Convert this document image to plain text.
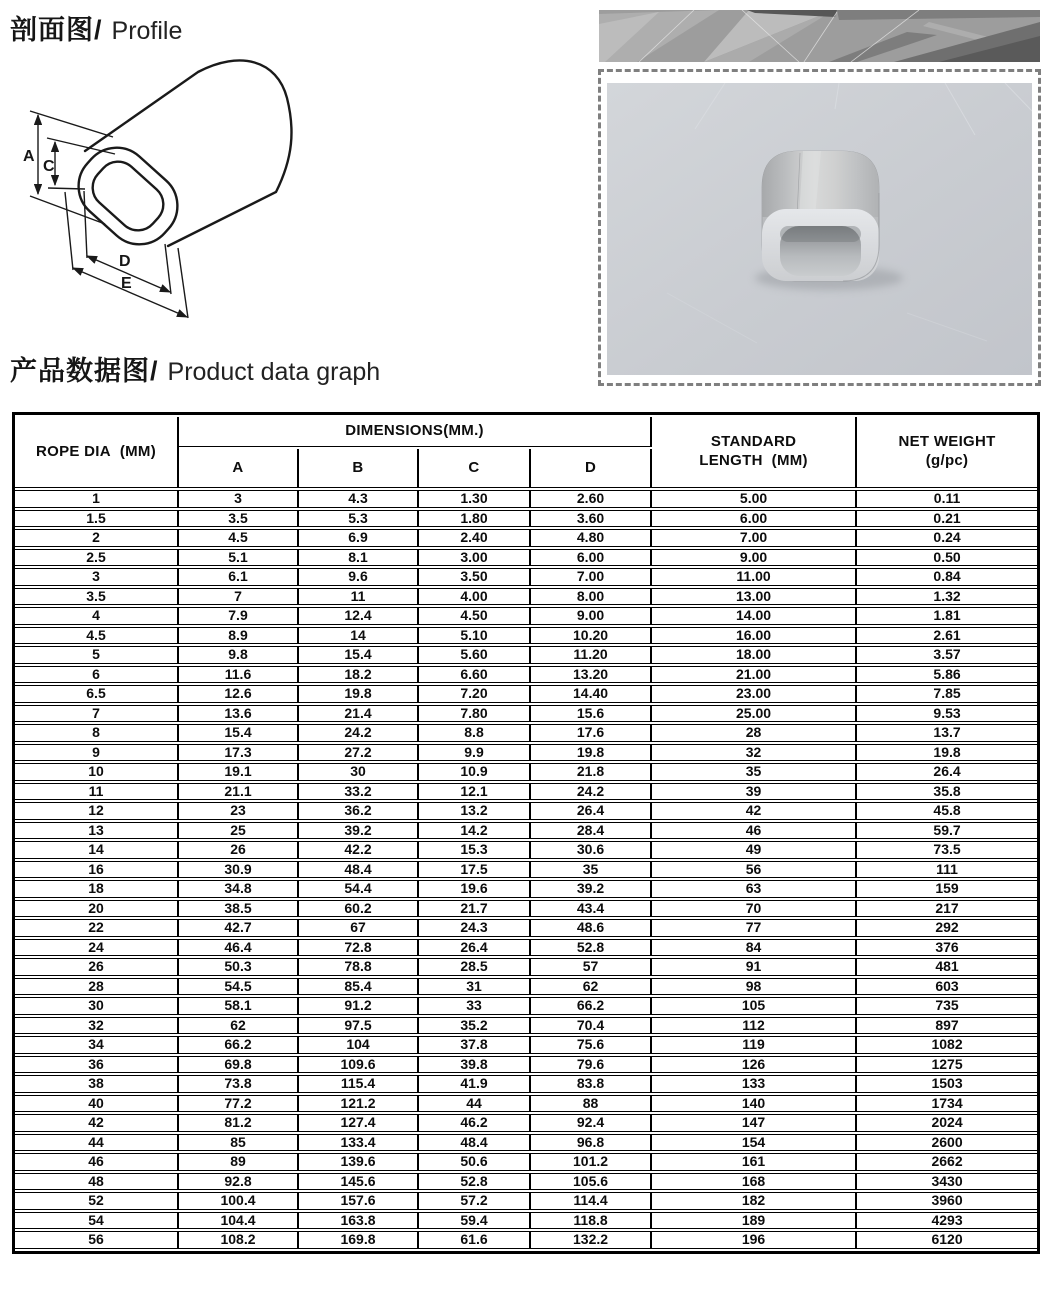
剖面图/ Profile
A
C
D
E
产品数据图/ Product data graph
ROPE DIA  (MM)	DIMENSIONS(MM.)	
STANDARD
LENGTH  (MM)

NET WEIGHT
(g/pc)

	A	B	C	D		
1	3	4.3	1.30	2.60	5.00	0.11
1.5	3.5	5.3	1.80	3.60	6.00	0.21
2	4.5	6.9	2.40	4.80	7.00	0.24
2.5	5.1	8.1	3.00	6.00	9.00	0.50
3	6.1	9.6	3.50	7.00	11.00	0.84
3.5	7	11	4.00	8.00	13.00	1.32
4	7.9	12.4	4.50	9.00	14.00	1.81
4.5	8.9	14	5.10	10.20	16.00	2.61
5	9.8	15.4	5.60	11.20	18.00	3.57
6	11.6	18.2	6.60	13.20	21.00	5.86
6.5	12.6	19.8	7.20	14.40	23.00	7.85
7	13.6	21.4	7.80	15.6	25.00	9.53
8	15.4	24.2	8.8	17.6	28	13.7
9	17.3	27.2	9.9	19.8	32	19.8
10	19.1	30	10.9	21.8	35	26.4
11	21.1	33.2	12.1	24.2	39	35.8
12	23	36.2	13.2	26.4	42	45.8
13	25	39.2	14.2	28.4	46	59.7
14	26	42.2	15.3	30.6	49	73.5
16	30.9	48.4	17.5	35	56	111
18	34.8	54.4	19.6	39.2	63	159
20	38.5	60.2	21.7	43.4	70	217
22	42.7	67	24.3	48.6	77	292
24	46.4	72.8	26.4	52.8	84	376
26	50.3	78.8	28.5	57	91	481
28	54.5	85.4	31	62	98	603
30	58.1	91.2	33	66.2	105	735
32	62	97.5	35.2	70.4	112	897
34	66.2	104	37.8	75.6	119	1082
36	69.8	109.6	39.8	79.6	126	1275
38	73.8	115.4	41.9	83.8	133	1503
40	77.2	121.2	44	88	140	1734
42	81.2	127.4	46.2	92.4	147	2024
44	85	133.4	48.4	96.8	154	2600
46	89	139.6	50.6	101.2	161	2662
48	92.8	145.6	52.8	105.6	168	3430
52	100.4	157.6	57.2	114.4	182	3960
54	104.4	163.8	59.4	118.8	189	4293
56	108.2	169.8	61.6	132.2	196	6120
